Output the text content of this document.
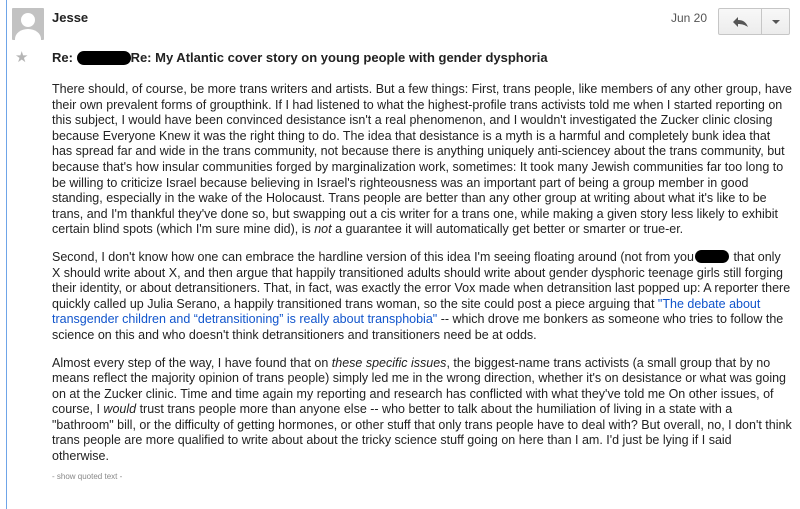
Jesse	Jun 20
★ Re:	Re: My Atlantic cover story on young people with gender dysphoria

There should, of course, be more trans writers and artists. But a few things: First, trans people, like members of any other group, have their own prevalent forms of groupthink. If I had listened to what the highest-profile trans activists told me when I started reporting on this subject, I would have been convinced desistance isn't a real phenomenon, and I wouldn't investigated the Zucker clinic closing because Everyone Knew it was the right thing to do. The idea that desistance is a myth is a harmful and completely bunk idea that has spread far and wide in the trans community, not because there is anything uniquely anti-sciencey about the trans community, but because that's how insular communities forged by marginalization work, sometimes: It took many Jewish communities far too long to be willing to criticize Israel because believing in Israel's righteousness was an important part of being a group member in good standing, especially in the wake of the Holocaust. Trans people are better than any other group at writing about what it's like to be trans, and I'm thankful they've done so, but swapping out a cis writer for a trans one, while making a given story less likely to exhibit certain blind spots (which I'm sure mine did), is not a guarantee it will automatically get better or smarter or true-er.

Second, I don't know how one can embrace the hardline version of this idea I'm seeing floating around (not from you	that only X should write about X, and then argue that happily transitioned adults should write about gender dysphoric teenage girls still forging their identity, or about detransitioners. That, in fact, was exactly the error Vox made when detransition last popped up: A reporter there quickly called up Julia Serano, a happily transitioned trans woman, so the site could post a piece arguing that "The debate about transgender children and “detransitioning” is really about transphobia" -- which drove me bonkers as someone who tries to follow the science on this and who doesn't think detransitioners and transitioners need be at odds.

Almost every step of the way, I have found that on these specific issues, the biggest-name trans activists (a small group that by no means reflect the majority opinion of trans people) simply led me in the wrong direction, whether it's on desistance or what was going on at the Zucker clinic. Time and time again my reporting and research has conflicted with what they've told me On other issues, of course, I would trust trans people more than anyone else -- who better to talk about the humiliation of living in a state with a "bathroom" bill, or the difficulty of getting hormones, or other stuff that only trans people have to deal with? But overall, no, I don't think trans people are more qualified to write about about the tricky science stuff going on here than I am. I'd just be lying if I said otherwise.

- show quoted text -
